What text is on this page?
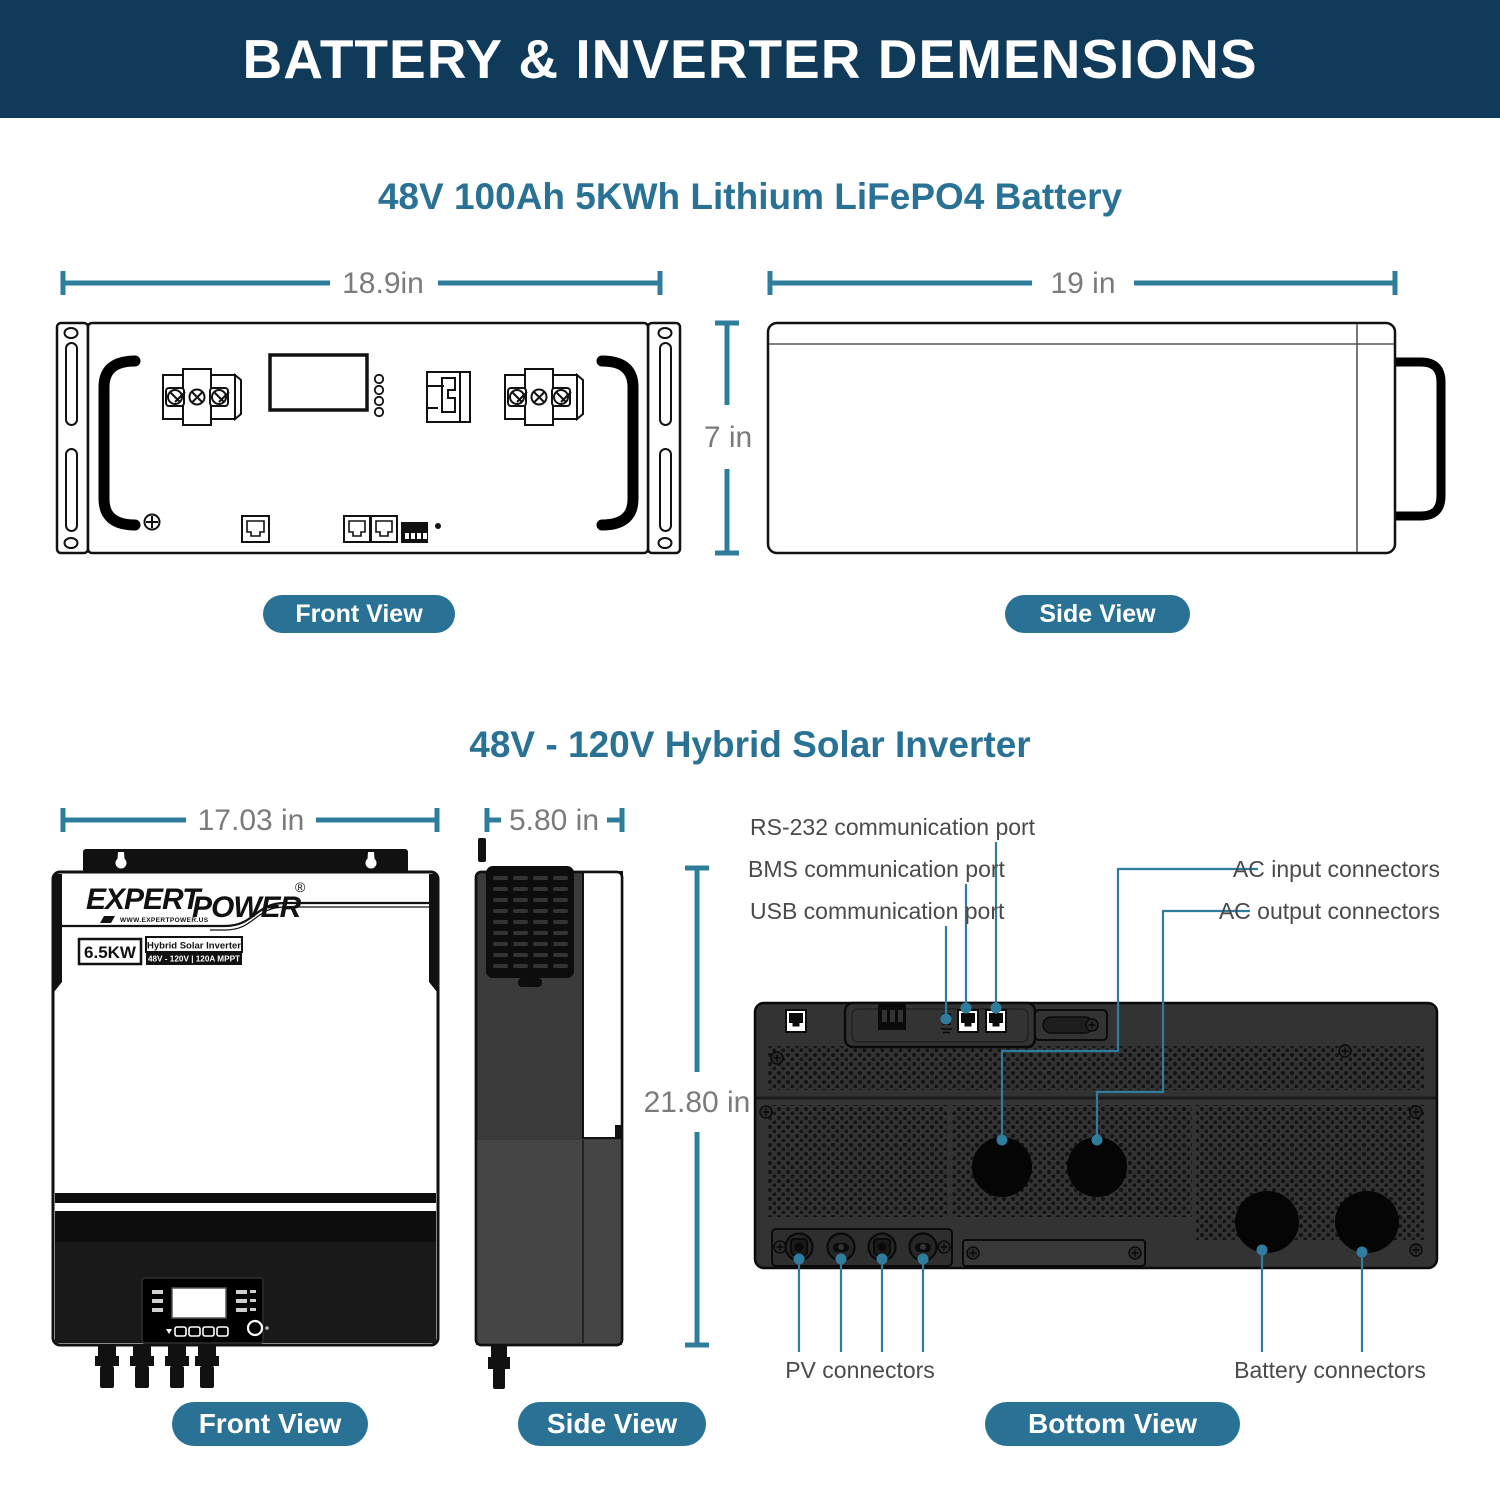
BATTERY & INVERTER DEMENSIONS
48V 100Ah 5KWh Lithium LiFePO4 Battery
18.9in
7 in
19 in
Front View	Side View
48V - 120V Hybrid Solar Inverter
17.03 in
EXPERT
POWER
®
WWW.EXPERTPOWER.US
6.5KW Hybrid Solar Inverter
48V - 120V | 120A MPPT
5.80 in
21.80 in
RS-232 communication port
BMS communication port
USB communication port
AC input connectors
AC output connectors
PV connectors	Battery connectors
Front View	Side View	Bottom View
